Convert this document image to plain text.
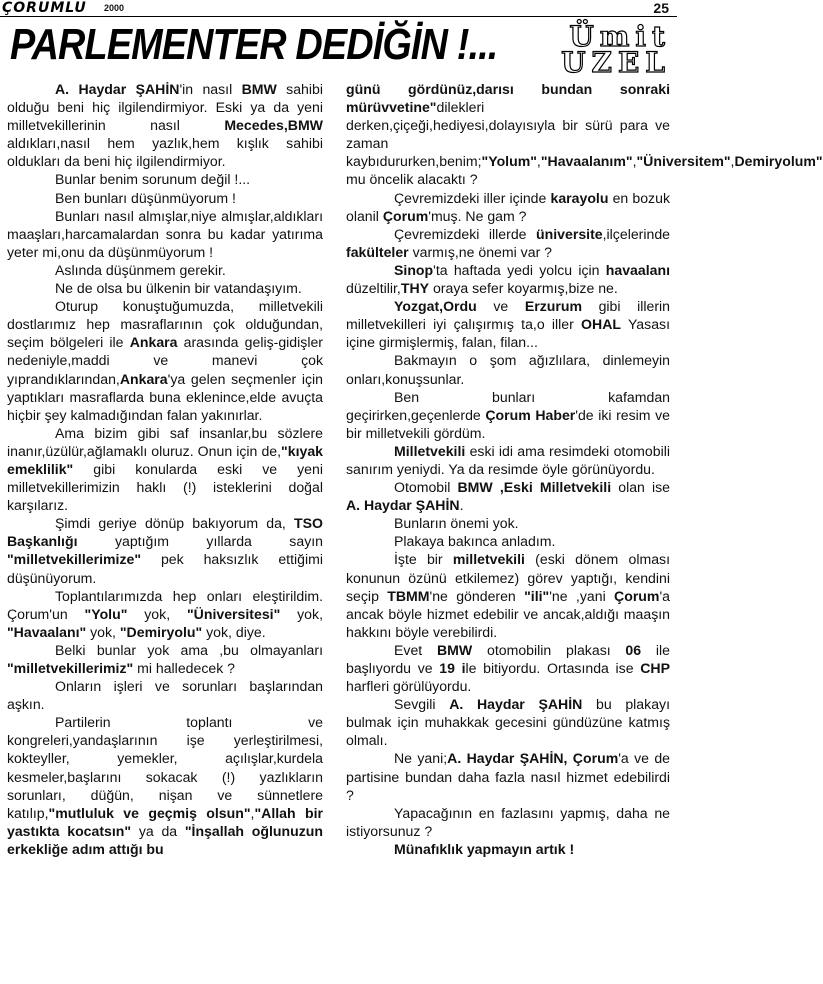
ÇORUMLU 2000	25
PARLEMENTER DEDİĞİN !...	Ümit
UZEL

A. Haydar ŞAHİN'in nasıl BMW sahibi olduğu beni hiç ilgilendirmiyor. Eski ya da yeni milletvekillerinin nasıl Mecedes,BMW aldıkları,nasıl hem yazlık,hem kışlık sahibi oldukları da beni hiç ilgilendirmiyor.

Bunlar benim sorunum değil !...

Ben bunları düşünmüyorum !

Bunları nasıl almışlar,niye almışlar,aldıkları maaşları,harcamalardan sonra bu kadar yatırıma yeter mi,onu da düşünmüyorum !

Aslında düşünmem gerekir.

Ne de olsa bu ülkenin bir vatandaşıyım.

Oturup konuştuğumuzda, milletvekili dostlarımız hep masraflarının çok olduğundan, seçim bölgeleri ile Ankara arasında geliş-gidişler nedeniyle,maddi ve manevi çok yıprandıklarından,Ankara'ya gelen seçmenler için yaptıkları masraflarda buna eklenince,elde avuçta hiçbir şey kalmadığından falan yakınırlar.

Ama bizim gibi saf insanlar,bu sözlere inanır,üzülür,ağlamaklı oluruz. Onun için de,"kıyak emeklilik" gibi konularda eski ve yeni milletvekillerimizin haklı (!) isteklerini doğal karşılarız.

Şimdi geriye dönüp bakıyorum da, TSO Başkanlığı yaptığım yıllarda sayın "milletvekillerimize" pek haksızlık ettiğimi düşünüyorum.

Toplantılarımızda hep onları eleştirildim. Çorum'un "Yolu" yok, "Üniversitesi" yok, "Havaalanı" yok, "Demiryolu" yok, diye.

Belki bunlar yok ama ,bu olmayanları "milletvekillerimiz" mi halledecek ?

Onların işleri ve sorunları başlarından aşkın.

Partilerin toplantı ve kongreleri,yandaşlarının işe yerleştirilmesi, kokteyller, yemekler, açılışlar,kurdela kesmeler,başlarını sokacak (!) yazlıkların sorunları, düğün, nişan ve sünnetlere katılıp,"mutluluk ve geçmiş olsun","Allah bir yastıkta kocatsın" ya da "İnşallah oğlunuzun erkekliğe adım attığı bu

günü gördünüz,darısı bundan sonraki mürüvvetine"dilekleri derken,çiçeği,hediyesi,dolayısıyla bir sürü para ve zaman kaybıdururken,benim;"Yolum","Havaalanım","Üniversitem",Demiryolum" mu öncelik alacaktı ?

Çevremizdeki iller içinde karayolu en bozuk olanil Çorum'muş. Ne gam ?

Çevremizdeki illerde üniversite,ilçelerinde fakülteler varmış,ne önemi var ?

Sinop'ta haftada yedi yolcu için havaalanı düzeltilir,THY oraya sefer koyarmış,bize ne.

Yozgat,Ordu ve Erzurum gibi illerin milletvekilleri iyi çalışırmış ta,o iller OHAL Yasası içine girmişlermiş, falan, filan...

Bakmayın o şom ağızlılara, dinlemeyin onları,konuşsunlar.

Ben bunları kafamdan geçirirken,geçenlerde Çorum Haber'de iki resim ve bir milletvekili gördüm.

Milletvekili eski idi ama resimdeki otomobili sanırım yeniydi. Ya da resimde öyle görünüyordu.

Otomobil BMW ,Eski Milletvekili olan ise A. Haydar ŞAHİN.

Bunların önemi yok.

Plakaya bakınca anladım.

İşte bir milletvekili (eski dönem olması konunun özünü etkilemez) görev yaptığı, kendini seçip TBMM'ne gönderen "ili"'ne ,yani Çorum'a ancak böyle hizmet edebilir ve ancak,aldığı maaşın hakkını böyle verebilirdi.

Evet BMW otomobilin plakası 06 ile başlıyordu ve 19 ile bitiyordu. Ortasında ise CHP harfleri görülüyordu.

Sevgili A. Haydar ŞAHİN bu plakayı bulmak için muhakkak gecesini gündüzüne katmış olmalı.

Ne yani;A. Haydar ŞAHİN, Çorum'a ve de partisine bundan daha fazla nasıl hizmet edebilirdi ?

Yapacağının en fazlasını yapmış, daha ne istiyorsunuz ?

Münafıklık yapmayın artık !
